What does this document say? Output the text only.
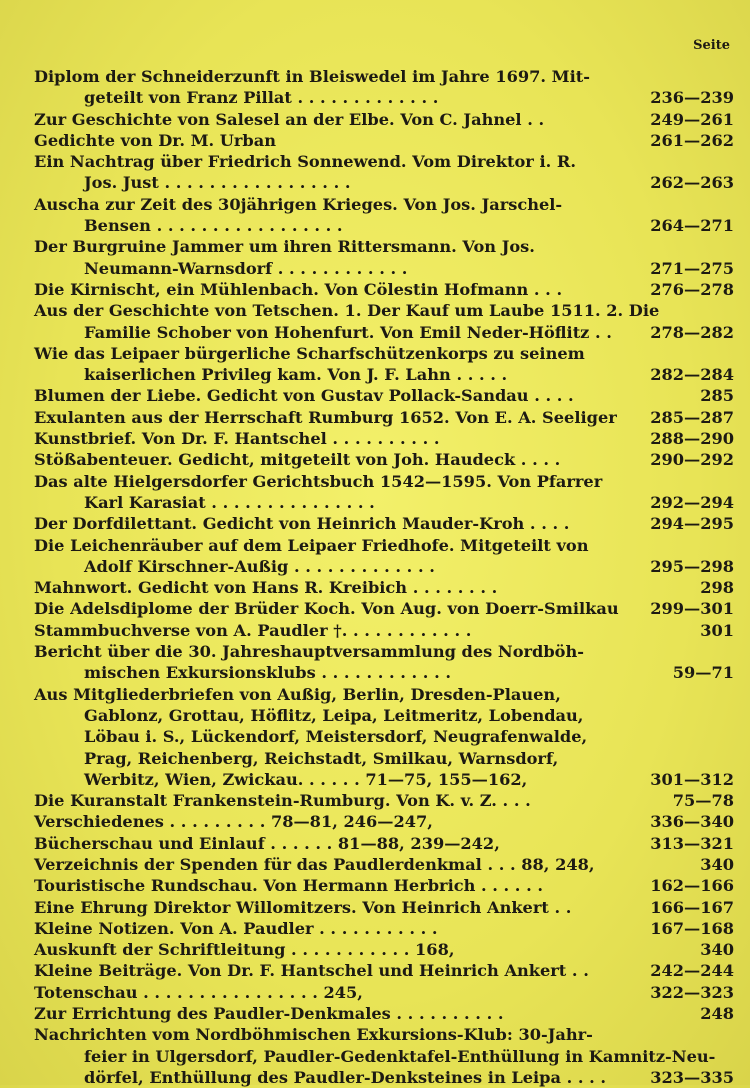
Seite
Diplom der Schneiderzunft in Bleiswedel im Jahre 1697. Mit-
236—239
geteilt von Franz Pillat . . . . . . . . . . . . .
249—261
Zur Geschichte von Salesel an der Elbe. Von C. Jahnel . .
261—262
Gedichte von Dr. M. Urban
Ein Nachtrag über Friedrich Sonnewend. Vom Direktor i. R.
262—263
Jos. Just . . . . . . . . . . . . . . . . .
Auscha zur Zeit des 30jährigen Krieges. Von Jos. Jarschel-
264—271
Bensen . . . . . . . . . . . . . . . . .
Der Burgruine Jammer um ihren Rittersmann. Von Jos.
271—275
Neumann-Warnsdorf . . . . . . . . . . . .
276—278
Die Kirnischt, ein Mühlenbach. Von Cölestin Hofmann . . .
Aus der Geschichte von Tetschen. 1. Der Kauf um Laube 1511. 2. Die
278—282
Familie Schober von Hohenfurt. Von Emil Neder-Höflitz . .
Wie das Leipaer bürgerliche Scharfschützenkorps zu seinem
282—284
kaiserlichen Privileg kam. Von J. F. Lahn . . . . .
285
Blumen der Liebe. Gedicht von Gustav Pollack-Sandau . . . .
285—287
Exulanten aus der Herrschaft Rumburg 1652. Von E. A. Seeliger
288—290
Kunstbrief. Von Dr. F. Hantschel . . . . . . . . . .
290—292
Stößabenteuer. Gedicht, mitgeteilt von Joh. Haudeck . . . .
Das alte Hielgersdorfer Gerichtsbuch 1542—1595. Von Pfarrer
292—294
Karl Karasiat . . . . . . . . . . . . . . .
294—295
Der Dorfdilettant. Gedicht von Heinrich Mauder-Kroh . . . .
Die Leichenräuber auf dem Leipaer Friedhofe. Mitgeteilt von
295—298
Adolf Kirschner-Außig . . . . . . . . . . . . .
298
Mahnwort. Gedicht von Hans R. Kreibich . . . . . . . .
299—301
Die Adelsdiplome der Brüder Koch. Von Aug. von Doerr-Smilkau
301
Stammbuchverse von A. Paudler †. . . . . . . . . . . .
Bericht über die 30. Jahreshauptversammlung des Nordböh-
59—71
mischen Exkursionsklubs . . . . . . . . . . . .
Aus Mitgliederbriefen von Außig, Berlin, Dresden-Plauen,
Gablonz, Grottau, Höflitz, Leipa, Leitmeritz, Lobendau,
Löbau i. S., Lückendorf, Meistersdorf, Neugrafenwalde,
Prag, Reichenberg, Reichstadt, Smilkau, Warnsdorf,
301—312
Werbitz, Wien, Zwickau. . . . . . 71—75, 155—162,
75—78
Die Kuranstalt Frankenstein-Rumburg. Von K. v. Z. . . .
336—340
Verschiedenes . . . . . . . . . 78—81, 246—247,
313—321
Bücherschau und Einlauf . . . . . . 81—88, 239—242,
340
Verzeichnis der Spenden für das Paudlerdenkmal . . . 88, 248,
162—166
Touristische Rundschau. Von Hermann Herbrich . . . . . .
166—167
Eine Ehrung Direktor Willomitzers. Von Heinrich Ankert . .
167—168
Kleine Notizen. Von A. Paudler . . . . . . . . . . .
340
Auskunft der Schriftleitung . . . . . . . . . . . 168,
242—244
Kleine Beiträge. Von Dr. F. Hantschel und Heinrich Ankert . .
322—323
Totenschau . . . . . . . . . . . . . . . . 245,
248
Zur Errichtung des Paudler-Denkmales . . . . . . . . . .
Nachrichten vom Nordböhmischen Exkursions-Klub: 30-Jahr-
feier in Ulgersdorf, Paudler-Gedenktafel-Enthüllung in Kamnitz-Neu-
323—335
dörfel, Enthüllung des Paudler-Denksteines in Leipa . . . .
